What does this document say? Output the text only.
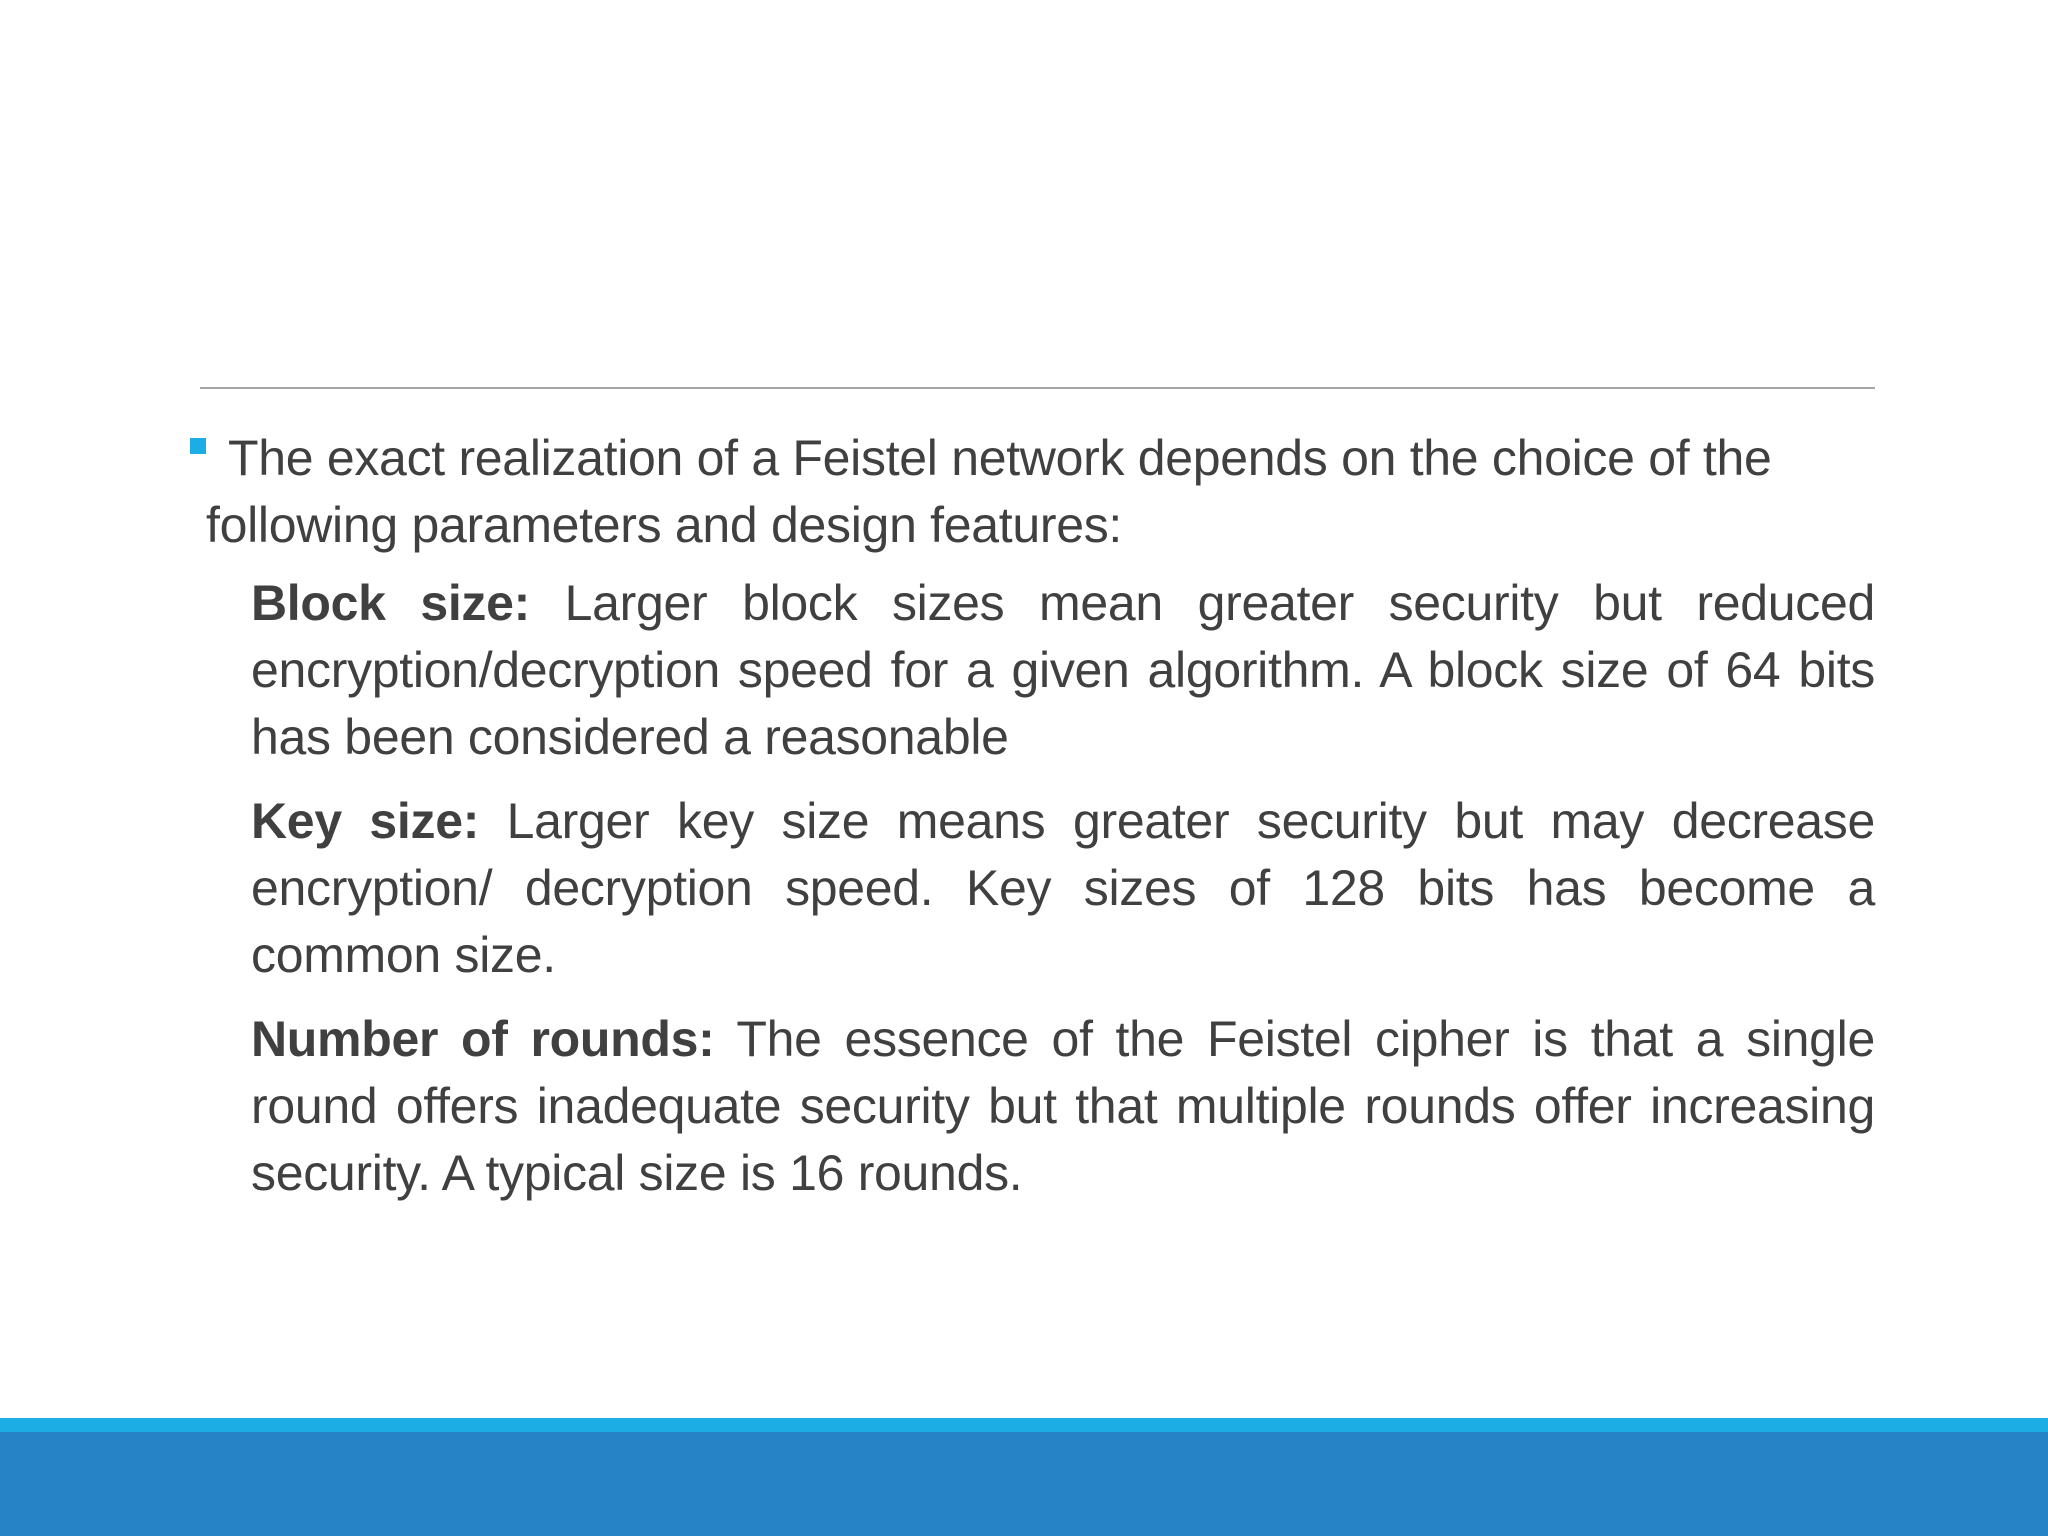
The exact realization of a Feistel network depends on the choice of the following parameters and design features:

Block size: Larger block sizes mean greater security but reduced encryption/decryption speed for a given algorithm. A block size of 64 bits has been considered a reasonable

Key size: Larger key size means greater security but may decrease encryption/ decryption speed. Key sizes of 128 bits has become a common size.

Number of rounds: The essence of the Feistel cipher is that a single round offers inadequate security but that multiple rounds offer increasing security. A typical size is 16 rounds.
